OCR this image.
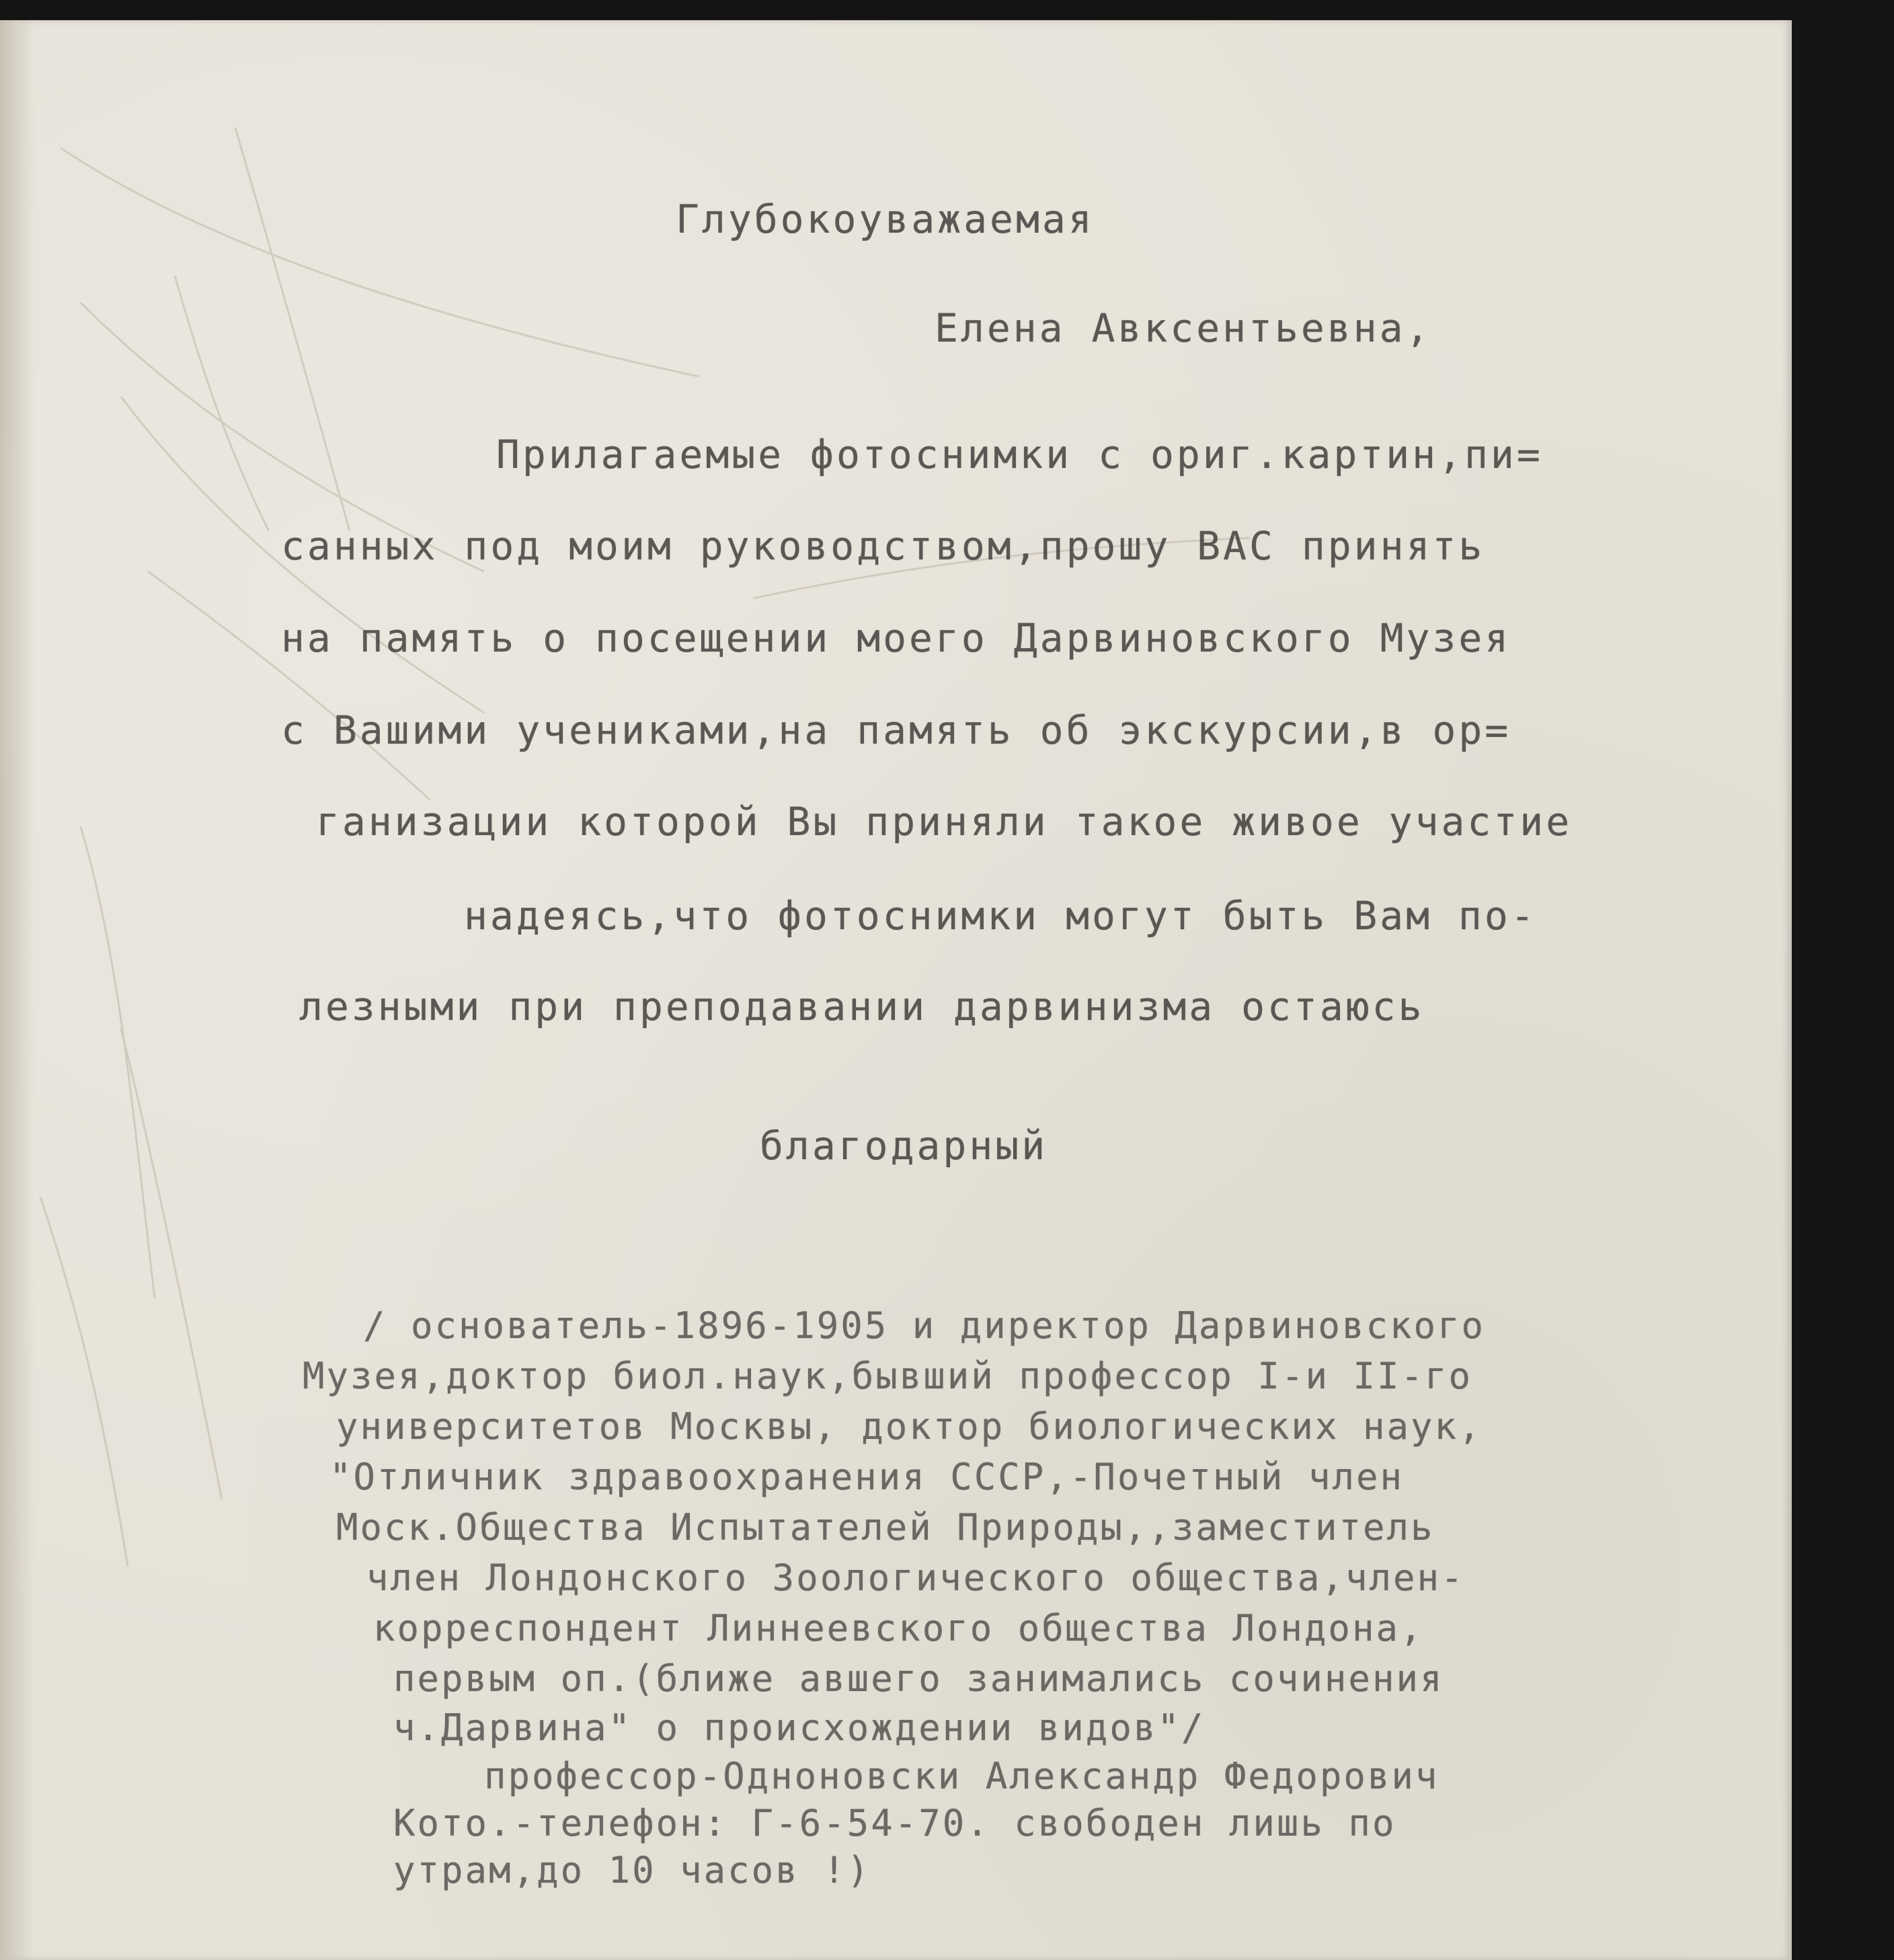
Глубокоуважаемая
Елена Авксентьевна,
Прилагаемые фотоснимки с ориг.картин,пи=
санных под моим руководством,прошу ВАС принять
на память о посещении моего Дарвиновского Музея
с Вашими учениками,на память об экскурсии,в ор=
ганизации которой Вы приняли такое живое участие
надеясь,что фотоснимки могут быть Вам по-
лезными при преподавании дарвинизма остаюсь
благодарный
/ основатель-1896-1905 и директор Дарвиновского
Музея,доктор биол.наук,бывший профессор I-и II-го
университетов Москвы, доктор биологических наук,
"Отличник здравоохранения СССР,-Почетный член
Моск.Общества Испытателей Природы,,заместитель
член Лондонского Зоологического общества,член-
корреспондент Линнеевского общества Лондона,
первым оп.(ближе авшего занимались сочинения
ч.Дарвина" о происхождении видов"/
профессор-Одноновски Александр Федорович
Кото.-телефон: Г-6-54-70. свободен лишь по
утрам,до 10 часов !)
